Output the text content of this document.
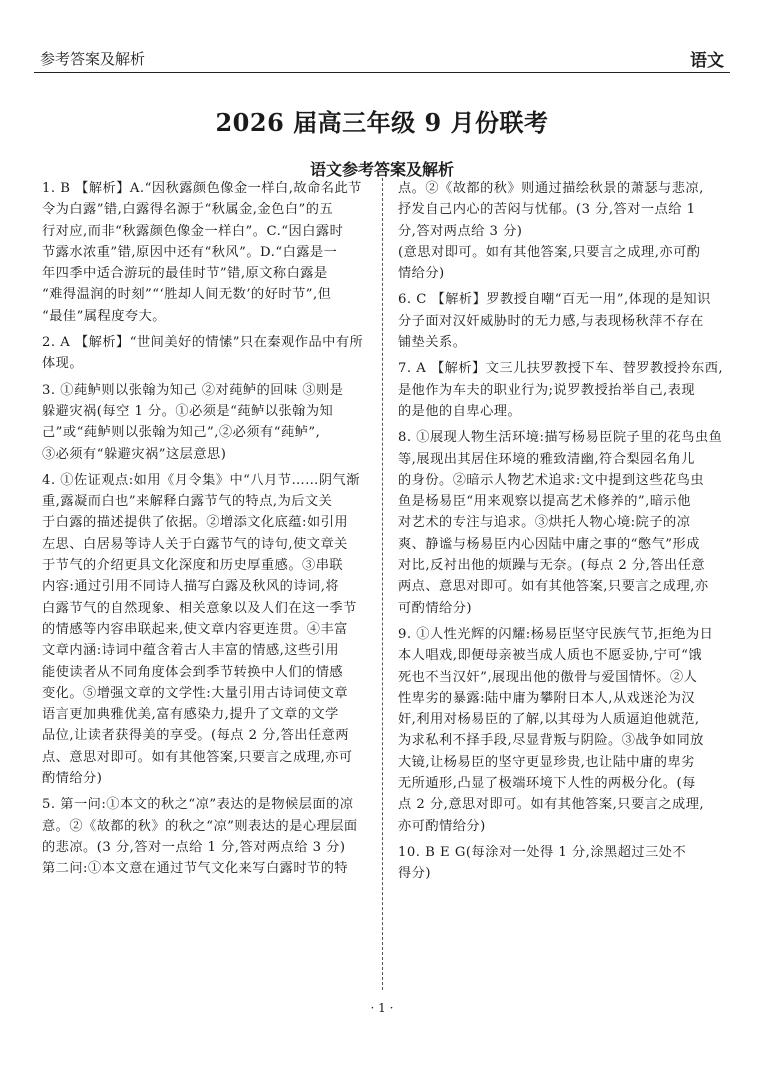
参考答案及解析	语文
2026 届高三年级 9 月份联考
语文参考答案及解析
1. B 【解析】A.“因秋露颜色像金一样白,故命名此节
令为白露”错,白露得名源于“秋属金,金色白”的五
行对应,而非“秋露颜色像金一样白”。C.“因白露时
节露水浓重”错,原因中还有“秋风”。D.“白露是一
年四季中适合游玩的最佳时节”错,原文称白露是
“难得温润的时刻”“‘胜却人间无数’的好时节”,但
“最佳”属程度夸大。
2. A 【解析】“世间美好的情愫”只在秦观作品中有所
体现。
3. ①莼鲈则以张翰为知己 ②对莼鲈的回味 ③则是
躲避灾祸(每空 1 分。①必须是“莼鲈以张翰为知
己”或“莼鲈则以张翰为知己”,②必须有“莼鲈”,
③必须有“躲避灾祸”这层意思)
4. ①佐证观点:如用《月令集》中“八月节……阴气渐
重,露凝而白也”来解释白露节气的特点,为后文关
于白露的描述提供了依据。②增添文化底蕴:如引用
左思、白居易等诗人关于白露节气的诗句,使文章关
于节气的介绍更具文化深度和历史厚重感。③串联
内容:通过引用不同诗人描写白露及秋风的诗词,将
白露节气的自然现象、相关意象以及人们在这一季节
的情感等内容串联起来,使文章内容更连贯。④丰富
文章内涵:诗词中蕴含着古人丰富的情感,这些引用
能使读者从不同角度体会到季节转换中人们的情感
变化。⑤增强文章的文学性:大量引用古诗词使文章
语言更加典雅优美,富有感染力,提升了文章的文学
品位,让读者获得美的享受。(每点 2 分,答出任意两
点、意思对即可。如有其他答案,只要言之成理,亦可
酌情给分)
5. 第一问:①本文的秋之“凉”表达的是物候层面的凉
意。②《故都的秋》的秋之“凉”则表达的是心理层面
的悲凉。(3 分,答对一点给 1 分,答对两点给 3 分)
第二问:①本文意在通过节气文化来写白露时节的特
点。②《故都的秋》则通过描绘秋景的萧瑟与悲凉,
抒发自己内心的苦闷与忧郁。(3 分,答对一点给 1
分,答对两点给 3 分)
(意思对即可。如有其他答案,只要言之成理,亦可酌
情给分)
6. C 【解析】罗教授自嘲“百无一用”,体现的是知识
分子面对汉奸威胁时的无力感,与表现杨秋萍不存在
铺垫关系。
7. A 【解析】文三儿扶罗教授下车、替罗教授拎东西,
是他作为车夫的职业行为;说罗教授抬举自己,表现
的是他的自卑心理。
8. ①展现人物生活环境:描写杨易臣院子里的花鸟虫鱼
等,展现出其居住环境的雅致清幽,符合梨园名角儿
的身份。②暗示人物艺术追求:文中提到这些花鸟虫
鱼是杨易臣“用来观察以提高艺术修养的”,暗示他
对艺术的专注与追求。③烘托人物心境:院子的凉
爽、静谧与杨易臣内心因陆中庸之事的“憋气”形成
对比,反衬出他的烦躁与无奈。(每点 2 分,答出任意
两点、意思对即可。如有其他答案,只要言之成理,亦
可酌情给分)
9. ①人性光辉的闪耀:杨易臣坚守民族气节,拒绝为日
本人唱戏,即便母亲被当成人质也不愿妥协,宁可“饿
死也不当汉奸”,展现出他的傲骨与爱国情怀。②人
性卑劣的暴露:陆中庸为攀附日本人,从戏迷沦为汉
奸,利用对杨易臣的了解,以其母为人质逼迫他就范,
为求私利不择手段,尽显背叛与阴险。③战争如同放
大镜,让杨易臣的坚守更显珍贵,也让陆中庸的卑劣
无所遁形,凸显了极端环境下人性的两极分化。(每
点 2 分,意思对即可。如有其他答案,只要言之成理,
亦可酌情给分)
10. B E G(每涂对一处得 1 分,涂黑超过三处不
得分)
· 1 ·
